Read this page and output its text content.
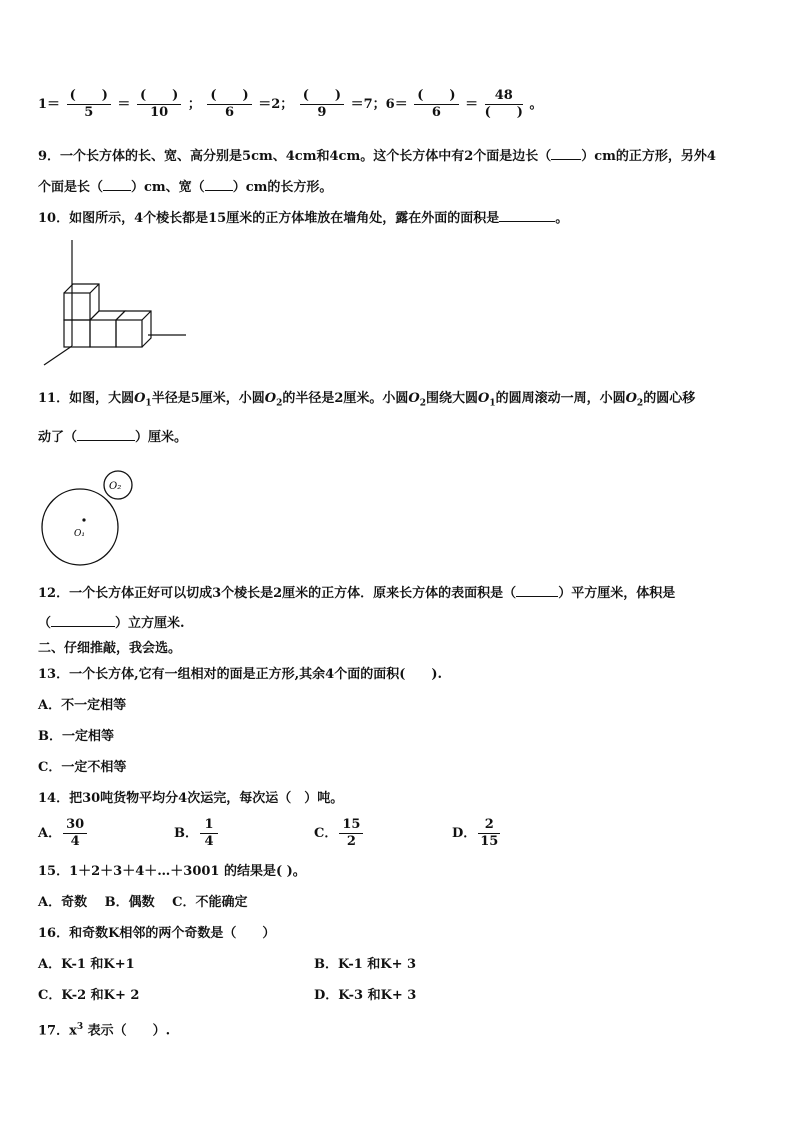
$1= \frac{( )}{5} = \frac{( )}{10}$ ； $\frac{( )}{6} =2$； $\frac{( )}{9} =7$；$6= \frac{( )}{6} = \frac{48}{( )}$ 。
9．一个长方体的长、宽、高分别是5cm、4cm和4cm。这个长方体中有2个面是边长（ ）cm的正方形，另外4
个面是长（ ）cm、宽（ ）cm的长方形。
10．如图所示，4个棱长都是15厘米的正方体堆放在墙角处，露在外面的面积是	。
11．如图，大圆$O_1$半径是5厘米，小圆$O_2$的半径是2厘米。小圆$O_2$围绕大圆$O_1$的圆周滚动一周，小圆$O_2$的圆心移
动了（	）厘米。
O₁
O₂
12．一个长方体正好可以切成3个棱长是2厘米的正方体．原来长方体的表面积是（	）平方厘米，体积是
（	）立方厘米.
二、仔细推敲，我会选。
13．一个长方体,它有一组相对的面是正方形,其余4个面的面积(　　).
A．不一定相等
B．一定相等
C．一定不相等
14．把30吨货物平均分4次运完，每次运（　）吨。
A． $\frac{30}{4}$	B． $\frac{1}{4}$	C． $\frac{15}{2}$	D． $\frac{2}{15}$
15．1＋2＋3＋4＋…＋3001 的结果是( )。
A．奇数　 B．偶数　 C．不能确定
16．和奇数K相邻的两个奇数是（　　）
A．K-1 和K+1	B．K-1 和K+ 3
C．K-2 和K+ 2	D．K-3 和K+ 3
17．$x^3$ 表示（　　）.
